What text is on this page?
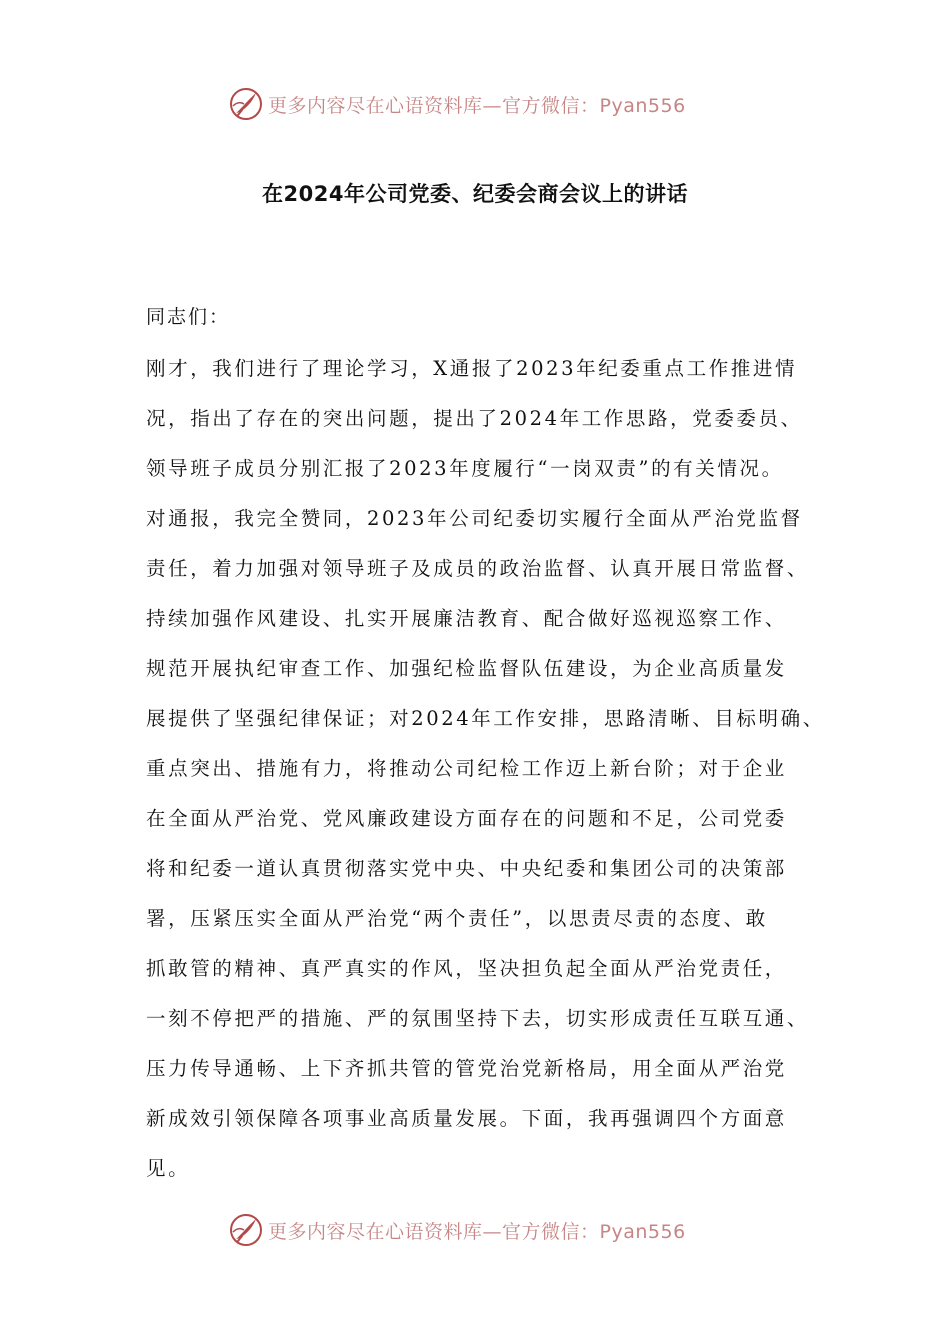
更多内容尽在心语资料库—官方微信：Pyan556
在2024年公司党委、纪委会商会议上的讲话
同志们：
刚才，我们进行了理论学习，X通报了2023年纪委重点工作推进情
况，指出了存在的突出问题，提出了2024年工作思路，党委委员、
领导班子成员分别汇报了2023年度履行“一岗双责”的有关情况。
对通报，我完全赞同，2023年公司纪委切实履行全面从严治党监督
责任，着力加强对领导班子及成员的政治监督、认真开展日常监督、
持续加强作风建设、扎实开展廉洁教育、配合做好巡视巡察工作、
规范开展执纪审查工作、加强纪检监督队伍建设，为企业高质量发
展提供了坚强纪律保证；对2024年工作安排，思路清晰、目标明确、
重点突出、措施有力，将推动公司纪检工作迈上新台阶；对于企业
在全面从严治党、党风廉政建设方面存在的问题和不足，公司党委
将和纪委一道认真贯彻落实党中央、中央纪委和集团公司的决策部
署，压紧压实全面从严治党“两个责任”，以思责尽责的态度、敢
抓敢管的精神、真严真实的作风，坚决担负起全面从严治党责任，
一刻不停把严的措施、严的氛围坚持下去，切实形成责任互联互通、
压力传导通畅、上下齐抓共管的管党治党新格局，用全面从严治党
新成效引领保障各项事业高质量发展。下面，我再强调四个方面意
见。
更多内容尽在心语资料库—官方微信：Pyan556
